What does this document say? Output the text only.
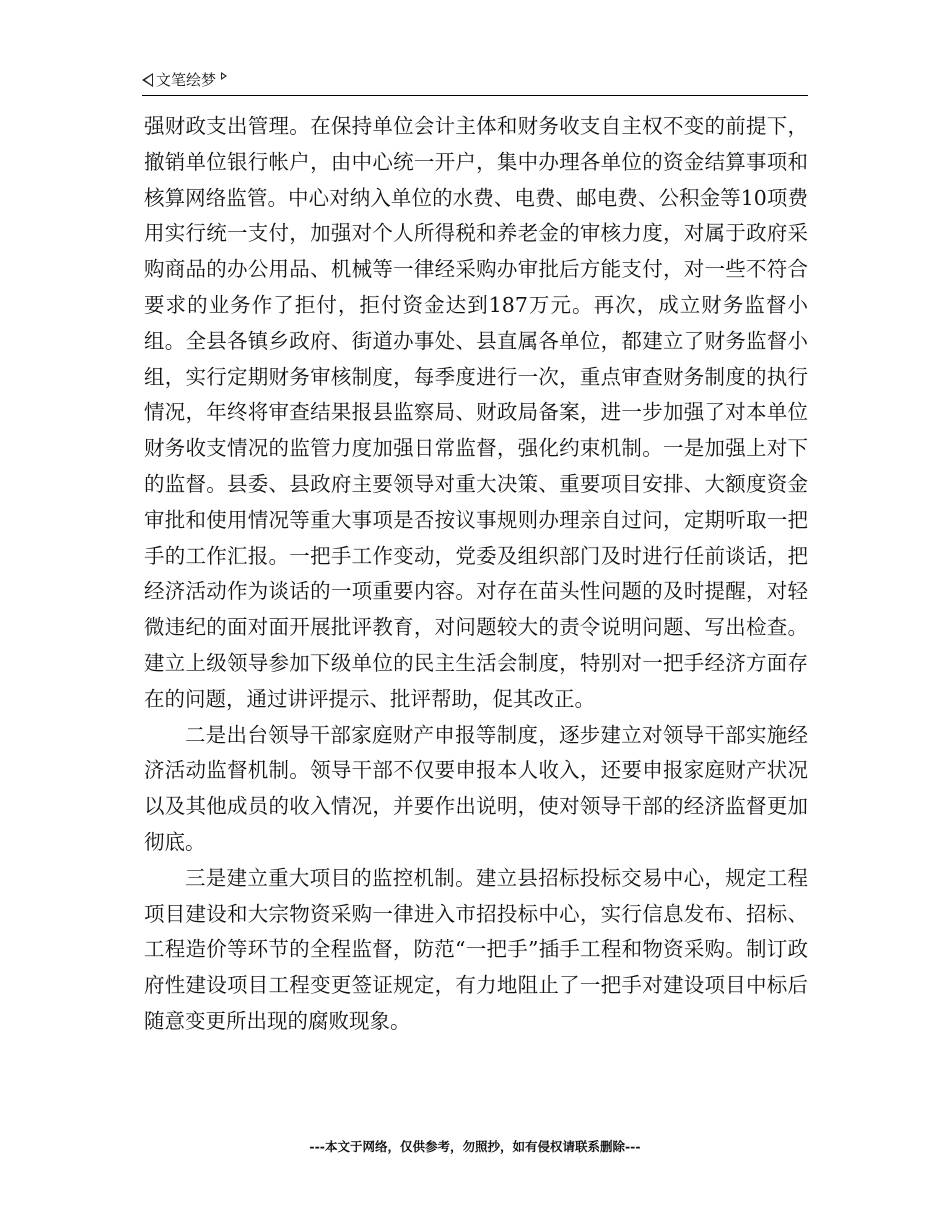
文笔绘梦

强财政支出管理。在保持单位会计主体和财务收支自主权不变的前提下，撤销单位银行帐户，由中心统一开户，集中办理各单位的资金结算事项和核算网络监管。中心对纳入单位的水费、电费、邮电费、公积金等10项费用实行统一支付，加强对个人所得税和养老金的审核力度，对属于政府采购商品的办公用品、机械等一律经采购办审批后方能支付，对一些不符合要求的业务作了拒付，拒付资金达到187万元。再次，成立财务监督小组。全县各镇乡政府、街道办事处、县直属各单位，都建立了财务监督小组，实行定期财务审核制度，每季度进行一次，重点审查财务制度的执行情况，年终将审查结果报县监察局、财政局备案，进一步加强了对本单位财务收支情况的监管力度加强日常监督，强化约束机制。一是加强上对下的监督。县委、县政府主要领导对重大决策、重要项目安排、大额度资金审批和使用情况等重大事项是否按议事规则办理亲自过问，定期听取一把手的工作汇报。一把手工作变动，党委及组织部门及时进行任前谈话，把经济活动作为谈话的一项重要内容。对存在苗头性问题的及时提醒，对轻微违纪的面对面开展批评教育，对问题较大的责令说明问题、写出检查。建立上级领导参加下级单位的民主生活会制度，特别对一把手经济方面存在的问题，通过讲评提示、批评帮助，促其改正。

二是出台领导干部家庭财产申报等制度，逐步建立对领导干部实施经济活动监督机制。领导干部不仅要申报本人收入，还要申报家庭财产状况以及其他成员的收入情况，并要作出说明，使对领导干部的经济监督更加彻底。

三是建立重大项目的监控机制。建立县招标投标交易中心，规定工程项目建设和大宗物资采购一律进入市招投标中心，实行信息发布、招标、工程造价等环节的全程监督，防范“一把手”插手工程和物资采购。制订政府性建设项目工程变更签证规定，有力地阻止了一把手对建设项目中标后随意变更所出现的腐败现象。

---本文于网络，仅供参考，勿照抄，如有侵权请联系删除---
